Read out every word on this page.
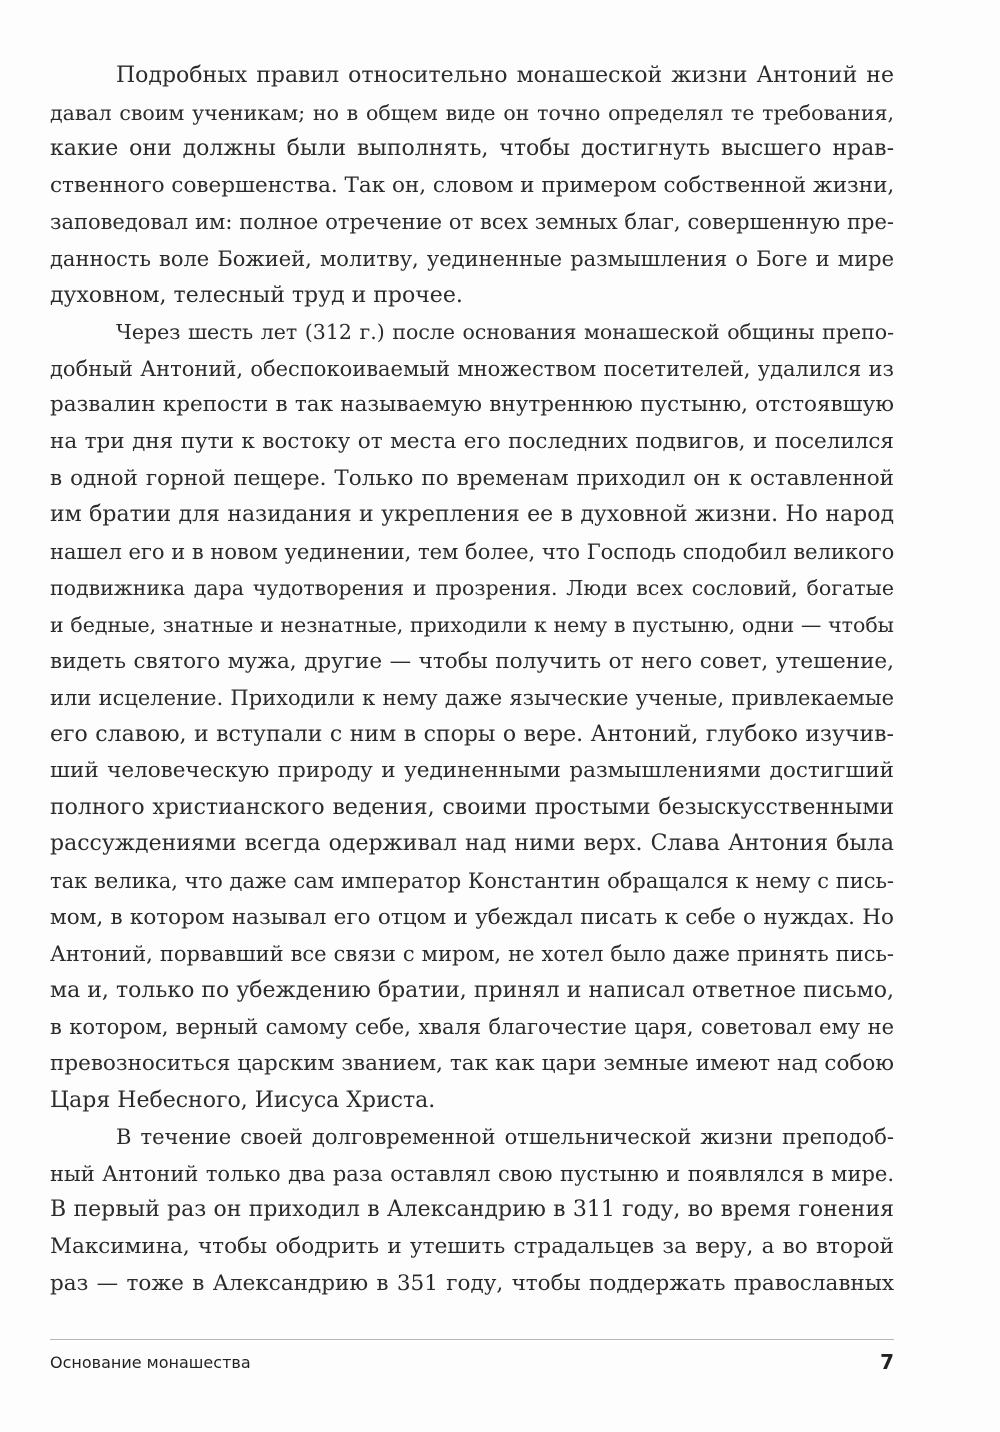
Подробных правил относительно монашеской жизни Антоний не
давал своим ученикам; но в общем виде он точно определял те требования,
какие они должны были выполнять, чтобы достигнуть высшего нрав-
ственного совершенства. Так он, словом и примером собственной жизни,
заповедовал им: полное отречение от всех земных благ, совершенную пре-
данность воле Божией, молитву, уединенные размышления о Боге и мире
духовном, телесный труд и прочее.
Через шесть лет (312 г.) после основания монашеской общины препо-
добный Антоний, обеспокоиваемый множеством посетителей, удалился из
развалин крепости в так называемую внутреннюю пустыню, отстоявшую
на три дня пути к востоку от места его последних подвигов, и поселился
в одной горной пещере. Только по временам приходил он к оставленной
им братии для назидания и укрепления ее в духовной жизни. Но народ
нашел его и в новом уединении, тем более, что Господь сподобил великого
подвижника дара чудотворения и прозрения. Люди всех сословий, богатые
и бедные, знатные и незнатные, приходили к нему в пустыню, одни — чтобы
видеть святого мужа, другие — чтобы получить от него совет, утешение,
или исцеление. Приходили к нему даже языческие ученые, привлекаемые
его славою, и вступали с ним в споры о вере. Антоний, глубоко изучив-
ший человеческую природу и уединенными размышлениями достигший
полного христианского ведения, своими простыми безыскусственными
рассуждениями всегда одерживал над ними верх. Слава Антония была
так велика, что даже сам император Константин обращался к нему с пись-
мом, в котором называл его отцом и убеждал писать к себе о нуждах. Но
Антоний, порвавший все связи с миром, не хотел было даже принять пись-
ма и, только по убеждению братии, принял и написал ответное письмо,
в котором, верный самому себе, хваля благочестие царя, советовал ему не
превозноситься царским званием, так как цари земные имеют над собою
Царя Небесного, Иисуса Христа.
В течение своей долговременной отшельнической жизни преподоб-
ный Антоний только два раза оставлял свою пустыню и появлялся в мире.
В первый раз он приходил в Александрию в 311 году, во время гонения
Максимина, чтобы ободрить и утешить страдальцев за веру, а во второй
раз — тоже в Александрию в 351 году, чтобы поддержать православных
Основание монашества	7
